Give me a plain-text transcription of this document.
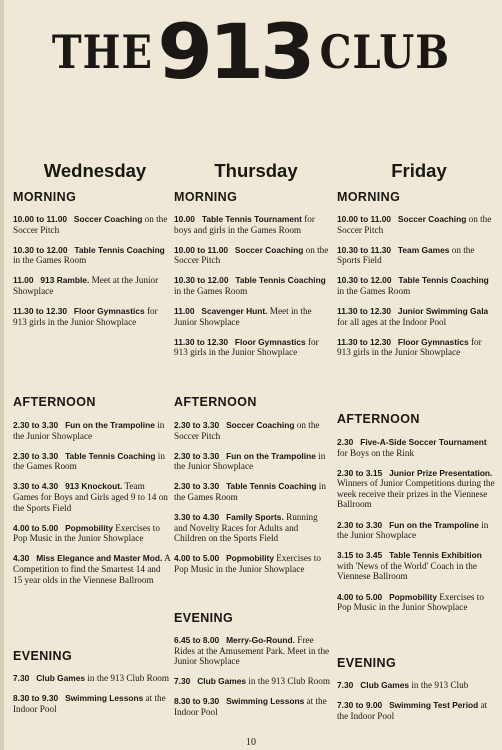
THE 913 CLUB
Wednesday
MORNING
10.00 to 11.00 Soccer Coaching on the Soccer Pitch
10.30 to 12.00 Table Tennis Coaching in the Games Room
11.00 913 Ramble. Meet at the Junior Showplace
11.30 to 12.30 Floor Gymnastics for 913 girls in the Junior Showplace
AFTERNOON
2.30 to 3.30 Fun on the Trampoline in the Junior Showplace
2.30 to 3.30 Table Tennis Coaching in the Games Room
3.30 to 4.30 913 Knockout. Team Games for Boys and Girls aged 9 to 14 on the Sports Field
4.00 to 5.00 Popmobility Exercises to Pop Music in the Junior Showplace
4.30 Miss Elegance and Master Mod. A Competition to find the Smartest 14 and 15 year olds in the Viennese Ballroom
EVENING
7.30 Club Games in the 913 Club Room
8.30 to 9.30 Swimming Lessons at the Indoor Pool
Thursday
MORNING
10.00 Table Tennis Tournament for boys and girls in the Games Room
10.00 to 11.00 Soccer Coaching on the Soccer Pitch
10.30 to 12.00 Table Tennis Coaching in the Games Room
11.00 Scavenger Hunt. Meet in the Junior Showplace
11.30 to 12.30 Floor Gymnastics for 913 girls in the Junior Showplace
AFTERNOON
2.30 to 3.30 Soccer Coaching on the Soccer Pitch
2.30 to 3.30 Fun on the Trampoline in the Junior Showplace
2.30 to 3.30 Table Tennis Coaching in the Games Room
3.30 to 4.30 Family Sports. Running and Novelty Races for Adults and Children on the Sports Field
4.00 to 5.00 Popmobility Exercises to Pop Music in the Junior Showplace
EVENING
6.45 to 8.00 Merry-Go-Round. Free Rides at the Amusement Park. Meet in the Junior Showplace
7.30 Club Games in the 913 Club Room
8.30 to 9.30 Swimming Lessons at the Indoor Pool
Friday
MORNING
10.00 to 11.00 Soccer Coaching on the Soccer Pitch
10.30 to 11.30 Team Games on the Sports Field
10.30 to 12.00 Table Tennis Coaching in the Games Room
11.30 to 12.30 Junior Swimming Gala for all ages at the Indoor Pool
11.30 to 12.30 Floor Gymnastics for 913 girls in the Junior Showplace
AFTERNOON
2.30 Five-A-Side Soccer Tournament for Boys on the Rink
2.30 to 3.15 Junior Prize Presentation. Winners of Junior Competitions during the week receive their prizes in the Viennese Ballroom
2.30 to 3.30 Fun on the Trampoline in the Junior Showplace
3.15 to 3.45 Table Tennis Exhibition with 'News of the World' Coach in the Viennese Ballroom
4.00 to 5.00 Popmobility Exercises to Pop Music in the Junior Showplace
EVENING
7.30 Club Games in the 913 Club
7.30 to 9.00 Swimming Test Period at the Indoor Pool
10
